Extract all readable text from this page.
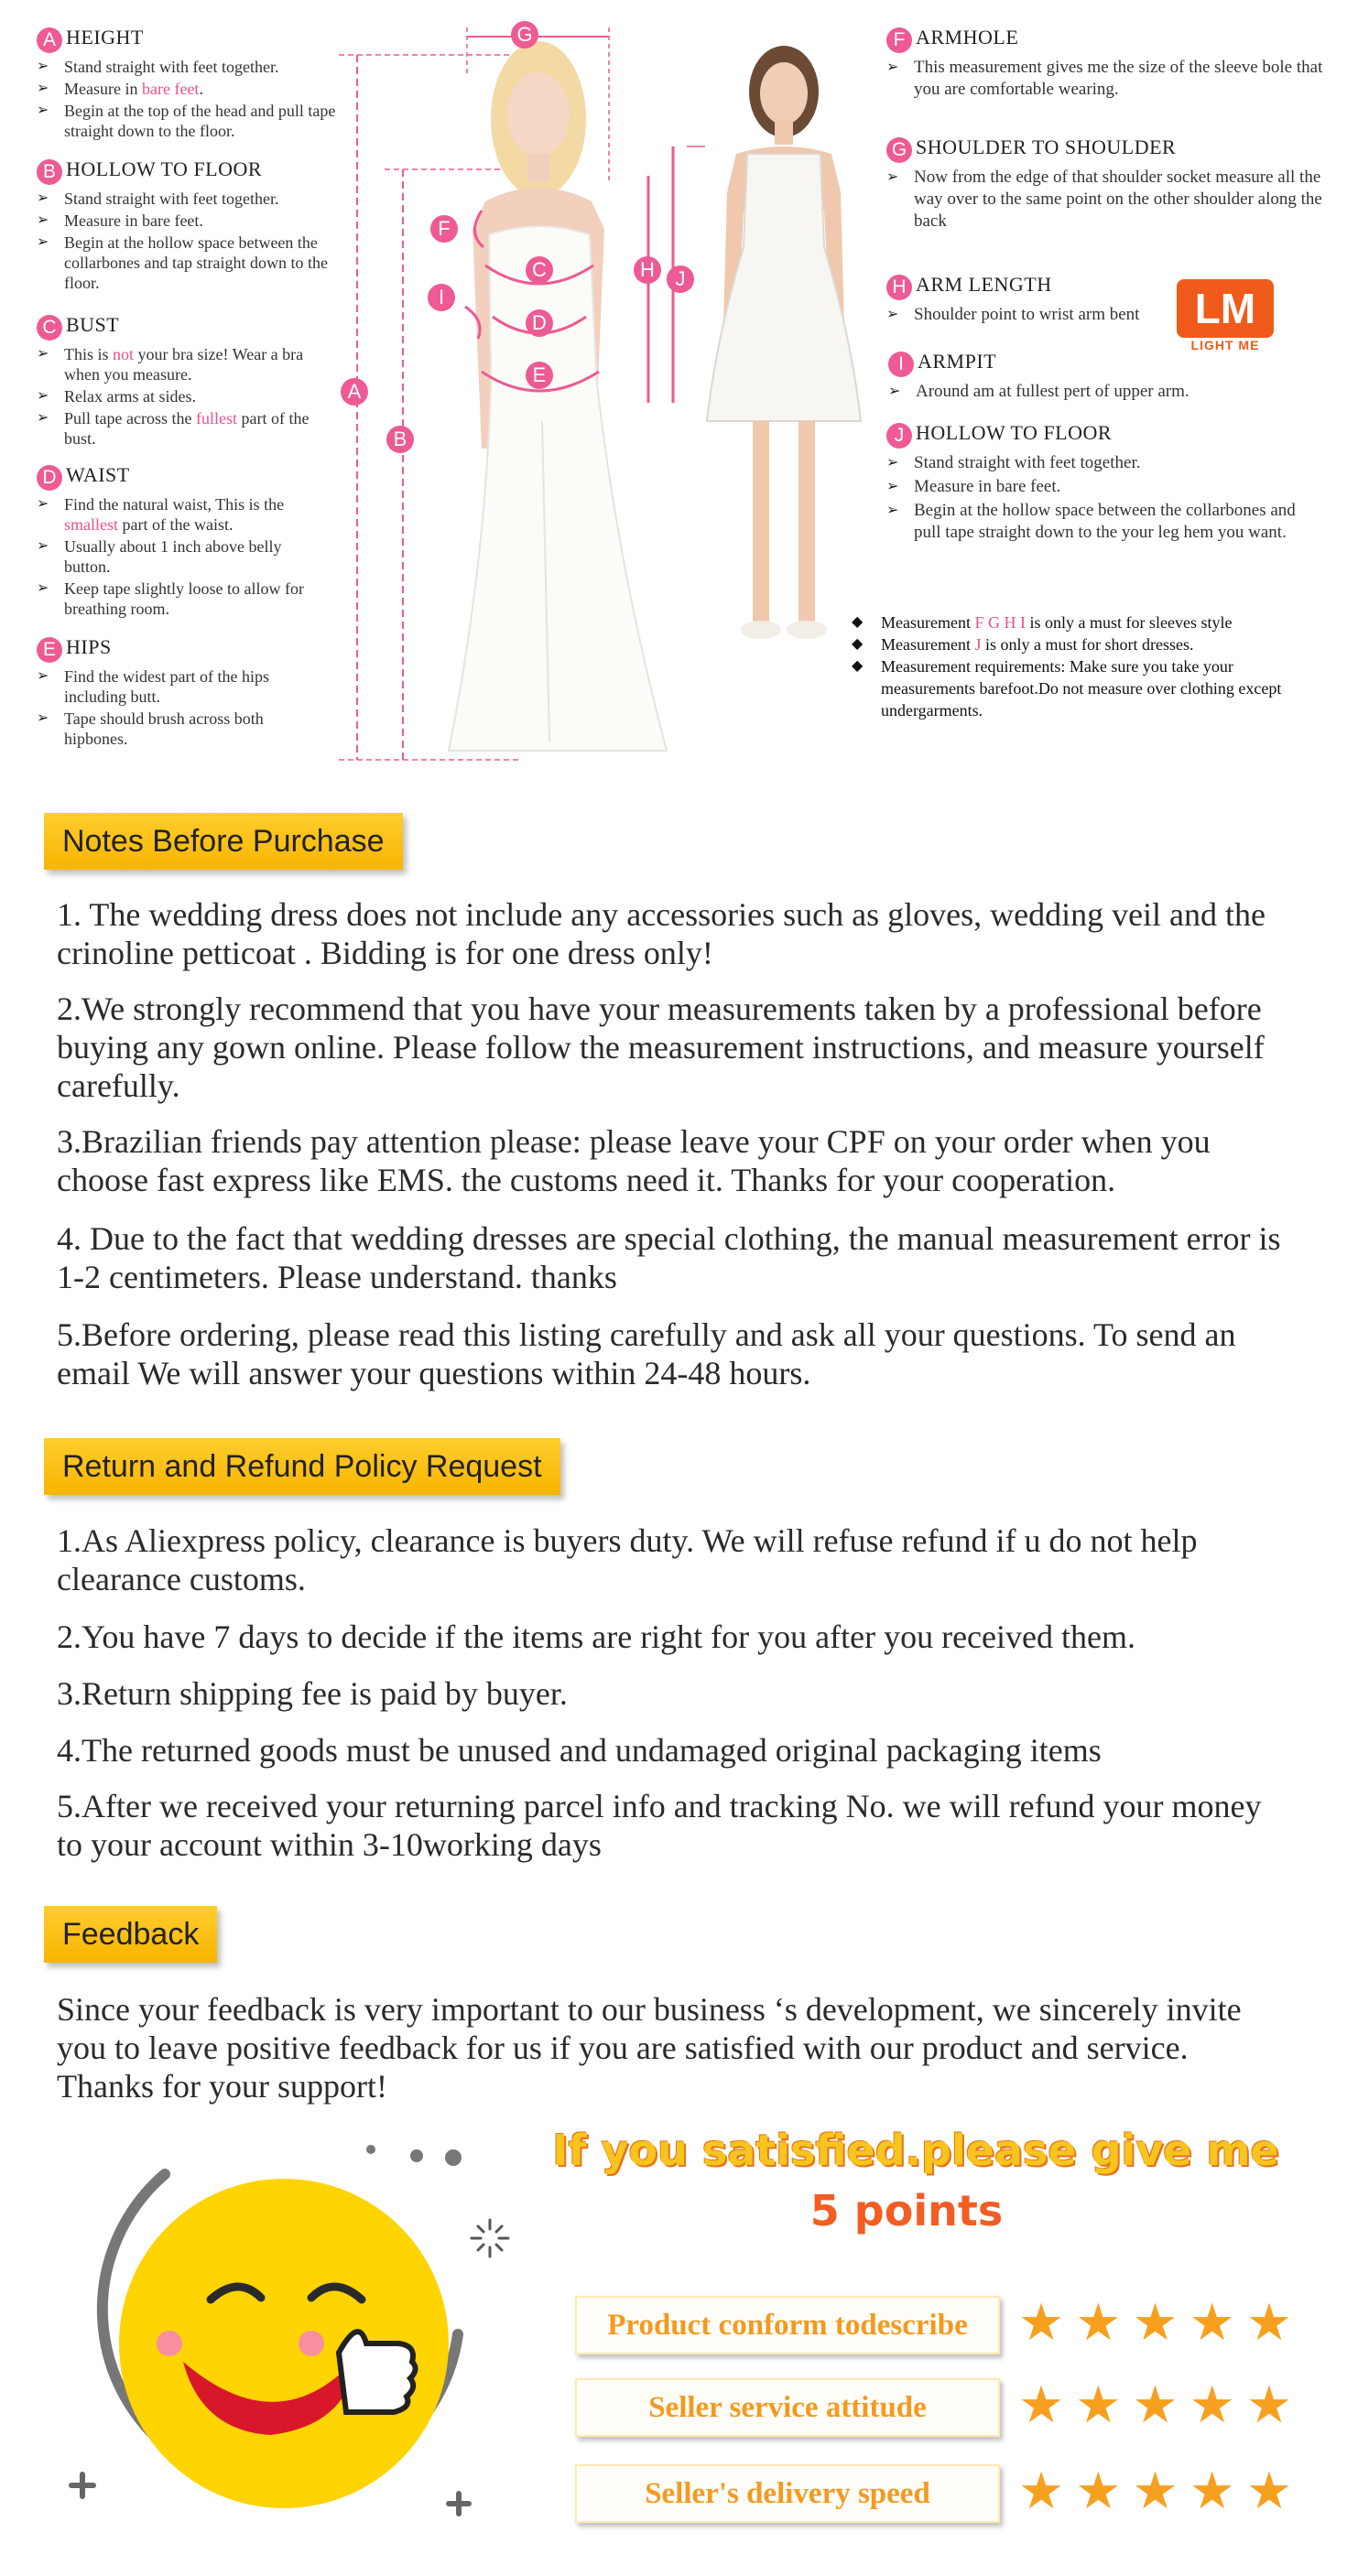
A HEIGHT
➢ Stand straight with feet together.
➢ Measure in bare feet.
➢ Begin at the top of the head and pull tape straight down to the floor.
B HOLLOW TO FLOOR
➢ Stand straight with feet together.
➢ Measure in bare feet.
➢ Begin at the hollow space between the collarbones and tap straight down to the floor.
C BUST
➢ This is not your bra size! Wear a bra when you measure.
➢ Relax arms at sides.
➢ Pull tape across the fullest part of the bust.
D WAIST
➢ Find the natural waist, This is the smallest part of the waist.
➢ Usually about 1 inch above belly button.
➢ Keep tape slightly loose to allow for breathing room.
E HIPS
➢ Find the widest part of the hips including butt.
➢ Tape should brush across both hipbones.
G
A
B
C
D
E
F
I
H	J
F ARMHOLE
➢ This measurement gives me the size of the sleeve bole that you are comfortable wearing.
G SHOULDER TO SHOULDER
➢ Now from the edge of that shoulder socket measure all the way over to the same point on the other shoulder along the back
H ARM LENGTH
➢ Shoulder point to wrist arm bent	LM
LIGHT ME
I ARMPIT
➢ Around am at fullest pert of upper arm.
J HOLLOW TO FLOOR
➢ Stand straight with feet together.
➢ Measure in bare feet.
➢ Begin at the hollow space between the collarbones and pull tape straight down to the your leg hem you want.
◆ Measurement F G H I is only a must for sleeves style
◆ Measurement J is only a must for short dresses.
◆ Measurement requirements: Make sure you take your measurements barefoot.Do not measure over clothing except undergarments.
Notes Before Purchase
1. The wedding dress does not include any accessories such as gloves, wedding veil and the crinoline petticoat . Bidding is for one dress only!
2.We strongly recommend that you have your measurements taken by a professional before buying any gown online. Please follow the measurement instructions, and measure yourself carefully.
3.Brazilian friends pay attention please: please leave your CPF on your order when you choose fast express like EMS. the customs need it. Thanks for your cooperation.
4. Due to the fact that wedding dresses are special clothing, the manual measurement error is 1-2 centimeters. Please understand. thanks
5.Before ordering, please read this listing carefully and ask all your questions. To send an email We will answer your questions within 24-48 hours.
Return and Refund Policy Request
1.As Aliexpress policy, clearance is buyers duty. We will refuse refund if u do not help clearance customs.
2.You have 7 days to decide if the items are right for you after you received them.
3.Return shipping fee is paid by buyer.
4.The returned goods must be unused and undamaged original packaging items
5.After we received your returning parcel info and tracking No. we will refund your money to your account within 3-10working days
Feedback
Since your feedback is very important to our business ‘s development, we sincerely invite you to leave positive feedback for us if you are satisfied with our product and service. Thanks for your support!
If you satisfied.please give me
5 points
Product conform todescribe ★★★★★
Seller service attitude	★★★★★
Seller's delivery speed	★★★★★
